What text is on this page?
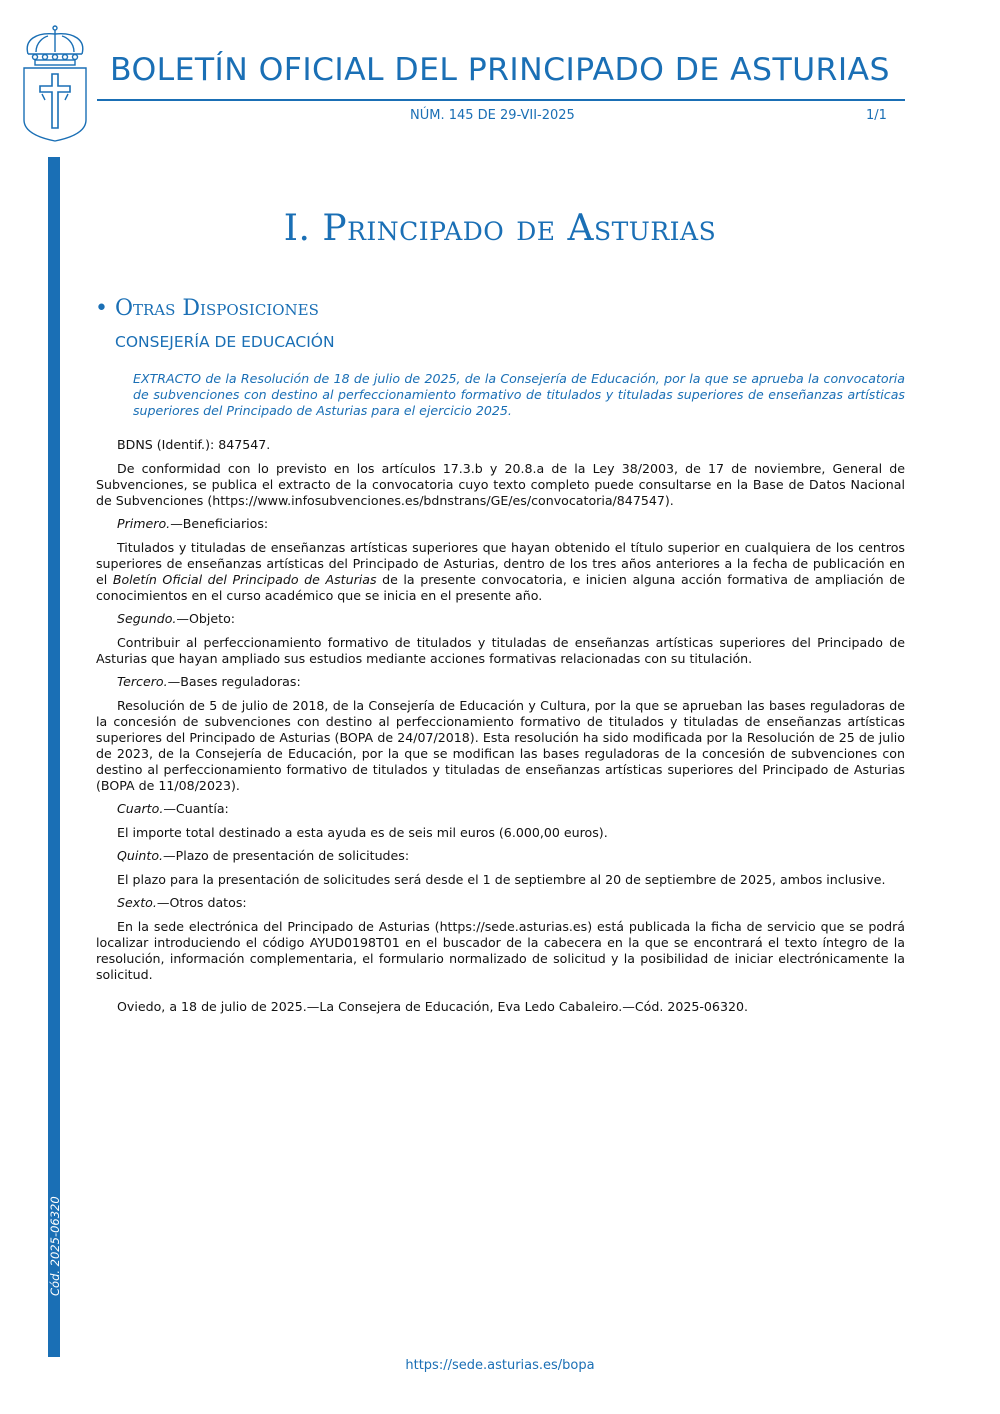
BOLETÍN OFICIAL DEL PRINCIPADO DE ASTURIAS
NÚM. 145 DE 29-VII-2025	1/1
Cód. 2025-06320
I. Principado de Asturias
• Otras Disposiciones
CONSEJERÍA DE EDUCACIÓN
EXTRACTO de la Resolución de 18 de julio de 2025, de la Consejería de Educación, por la que se aprueba la convocatoria de subvenciones con destino al perfeccionamiento formativo de titulados y tituladas superiores de enseñanzas artísticas superiores del Principado de Asturias para el ejercicio 2025.

BDNS (Identif.): 847547.

De conformidad con lo previsto en los artículos 17.3.b y 20.8.a de la Ley 38/2003, de 17 de noviembre, General de Subvenciones, se publica el extracto de la convocatoria cuyo texto completo puede consultarse en la Base de Datos Nacional de Subvenciones (https://www.infosubvenciones.es/bdnstrans/GE/es/convocatoria/847547).

Primero.—Beneficiarios:

Titulados y tituladas de enseñanzas artísticas superiores que hayan obtenido el título superior en cualquiera de los centros superiores de enseñanzas artísticas del Principado de Asturias, dentro de los tres años anteriores a la fecha de publicación en el Boletín Oficial del Principado de Asturias de la presente convocatoria, e inicien alguna acción formativa de ampliación de conocimientos en el curso académico que se inicia en el presente año.

Segundo.—Objeto:

Contribuir al perfeccionamiento formativo de titulados y tituladas de enseñanzas artísticas superiores del Principado de Asturias que hayan ampliado sus estudios mediante acciones formativas relacionadas con su titulación.

Tercero.—Bases reguladoras:

Resolución de 5 de julio de 2018, de la Consejería de Educación y Cultura, por la que se aprueban las bases reguladoras de la concesión de subvenciones con destino al perfeccionamiento formativo de titulados y tituladas de enseñanzas artísticas superiores del Principado de Asturias (BOPA de 24/07/2018). Esta resolución ha sido modificada por la Resolución de 25 de julio de 2023, de la Consejería de Educación, por la que se modifican las bases reguladoras de la concesión de subvenciones con destino al perfeccionamiento formativo de titulados y tituladas de enseñanzas artísticas superiores del Principado de Asturias (BOPA de 11/08/2023).

Cuarto.—Cuantía:

El importe total destinado a esta ayuda es de seis mil euros (6.000,00 euros).

Quinto.—Plazo de presentación de solicitudes:

El plazo para la presentación de solicitudes será desde el 1 de septiembre al 20 de septiembre de 2025, ambos inclusive.

Sexto.—Otros datos:

En la sede electrónica del Principado de Asturias (https://sede.asturias.es) está publicada la ficha de servicio que se podrá localizar introduciendo el código AYUD0198T01 en el buscador de la cabecera en la que se encontrará el texto íntegro de la resolución, información complementaria, el formulario normalizado de solicitud y la posibilidad de iniciar electrónicamente la solicitud.

Oviedo, a 18 de julio de 2025.—La Consejera de Educación, Eva Ledo Cabaleiro.—Cód. 2025-06320.

https://sede.asturias.es/bopa
